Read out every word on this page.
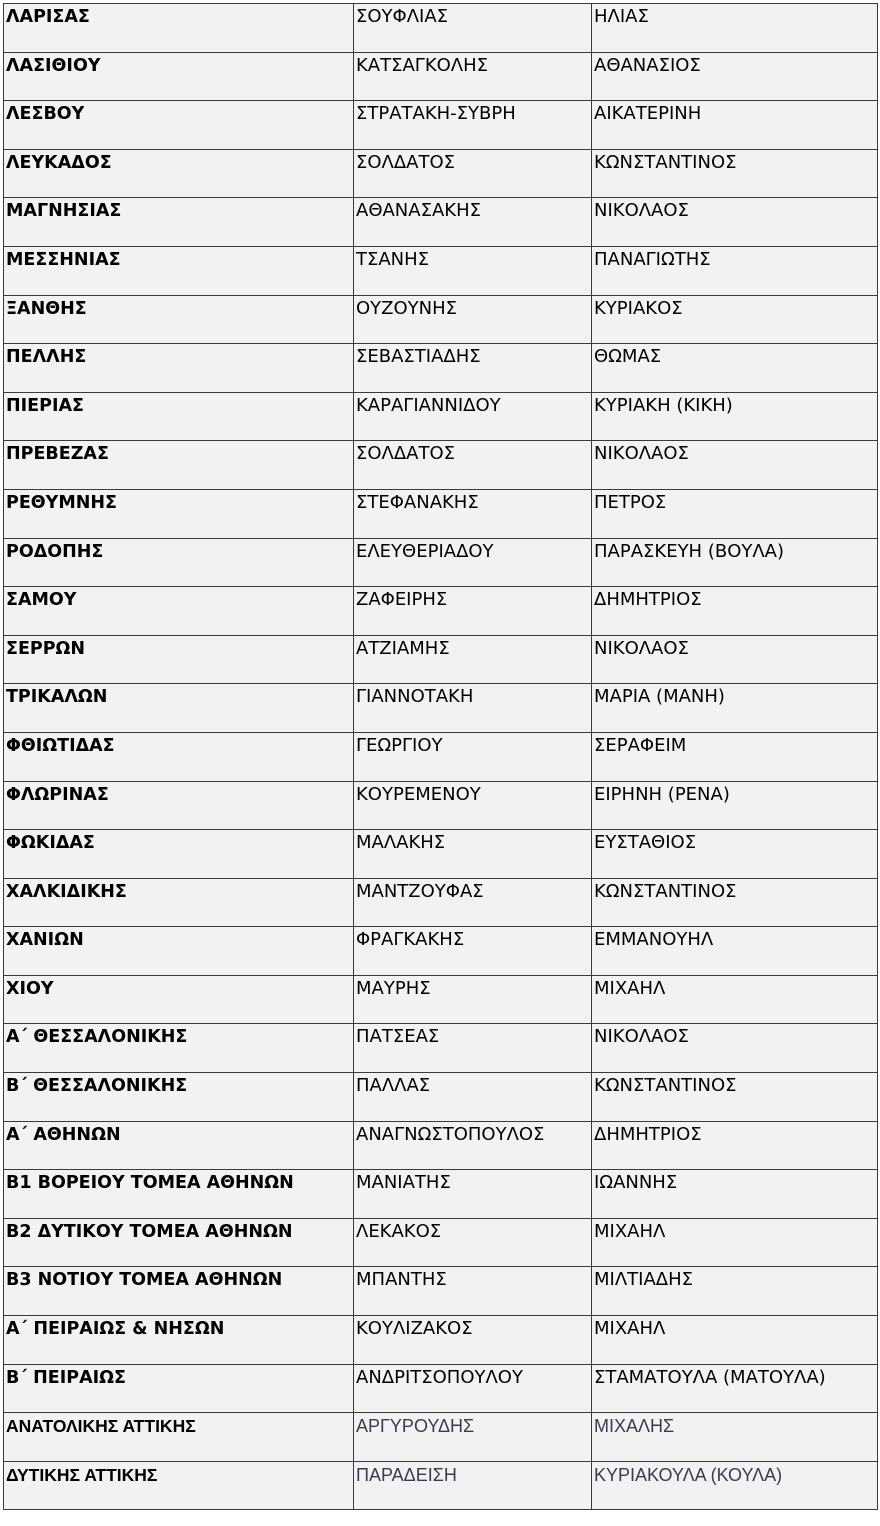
ΛΑΡΙΣΑΣ	ΣΟΥΦΛΙΑΣ	ΗΛΙΑΣ
ΛΑΣΙΘΙΟΥ	ΚΑΤΣΑΓΚΟΛΗΣ	ΑΘΑΝΑΣΙΟΣ
ΛΕΣΒΟΥ	ΣΤΡΑΤΑΚΗ-ΣΥΒΡΗ	ΑΙΚΑΤΕΡΙΝΗ
ΛΕΥΚΑΔΟΣ	ΣΟΛΔΑΤΟΣ	ΚΩΝΣΤΑΝΤΙΝΟΣ
ΜΑΓΝΗΣΙΑΣ	ΑΘΑΝΑΣΑΚΗΣ	ΝΙΚΟΛΑΟΣ
ΜΕΣΣΗΝΙΑΣ	ΤΣΑΝΗΣ	ΠΑΝΑΓΙΩΤΗΣ
ΞΑΝΘΗΣ	ΟΥΖΟΥΝΗΣ	ΚΥΡΙΑΚΟΣ
ΠΕΛΛΗΣ	ΣΕΒΑΣΤΙΑΔΗΣ	ΘΩΜΑΣ
ΠΙΕΡΙΑΣ	ΚΑΡΑΓΙΑΝΝΙΔΟΥ	ΚΥΡΙΑΚΗ (ΚΙΚΗ)
ΠΡΕΒΕΖΑΣ	ΣΟΛΔΑΤΟΣ	ΝΙΚΟΛΑΟΣ
ΡΕΘΥΜΝΗΣ	ΣΤΕΦΑΝΑΚΗΣ	ΠΕΤΡΟΣ
ΡΟΔΟΠΗΣ	ΕΛΕΥΘΕΡΙΑΔΟΥ	ΠΑΡΑΣΚΕΥΗ (ΒΟΥΛΑ)
ΣΑΜΟΥ	ΖΑΦΕΙΡΗΣ	ΔΗΜΗΤΡΙΟΣ
ΣΕΡΡΩΝ	ΑΤΖΙΑΜΗΣ	ΝΙΚΟΛΑΟΣ
ΤΡΙΚΑΛΩΝ	ΓΙΑΝΝΟΤΑΚΗ	ΜΑΡΙΑ (ΜΑΝΗ)
ΦΘΙΩΤΙΔΑΣ	ΓΕΩΡΓΙΟΥ	ΣΕΡΑΦΕΙΜ
ΦΛΩΡΙΝΑΣ	ΚΟΥΡΕΜΕΝΟΥ	ΕΙΡΗΝΗ (ΡΕΝΑ)
ΦΩΚΙΔΑΣ	ΜΑΛΑΚΗΣ	ΕΥΣΤΑΘΙΟΣ
ΧΑΛΚΙΔΙΚΗΣ	ΜΑΝΤΖΟΥΦΑΣ	ΚΩΝΣΤΑΝΤΙΝΟΣ
ΧΑΝΙΩΝ	ΦΡΑΓΚΑΚΗΣ	ΕΜΜΑΝΟΥΗΛ
ΧΙΟΥ	ΜΑΥΡΗΣ	ΜΙΧΑΗΛ
Α΄ ΘΕΣΣΑΛΟΝΙΚΗΣ	ΠΑΤΣΕΑΣ	ΝΙΚΟΛΑΟΣ
Β΄ ΘΕΣΣΑΛΟΝΙΚΗΣ	ΠΑΛΛΑΣ	ΚΩΝΣΤΑΝΤΙΝΟΣ
Α΄ ΑΘΗΝΩΝ	ΑΝΑΓΝΩΣΤΟΠΟΥΛΟΣ	ΔΗΜΗΤΡΙΟΣ
Β1 ΒΟΡΕΙΟΥ ΤΟΜΕΑ ΑΘΗΝΩΝ	ΜΑΝΙΑΤΗΣ	ΙΩΑΝΝΗΣ
Β2 ΔΥΤΙΚΟΥ ΤΟΜΕΑ ΑΘΗΝΩΝ	ΛΕΚΑΚΟΣ	ΜΙΧΑΗΛ
Β3 ΝΟΤΙΟΥ ΤΟΜΕΑ ΑΘΗΝΩΝ	ΜΠΑΝΤΗΣ	ΜΙΛΤΙΑΔΗΣ
Α΄ ΠΕΙΡΑΙΩΣ & ΝΗΣΩΝ	ΚΟΥΛΙΖΑΚΟΣ	ΜΙΧΑΗΛ
Β΄ ΠΕΙΡΑΙΩΣ	ΑΝΔΡΙΤΣΟΠΟΥΛΟΥ	ΣΤΑΜΑΤΟΥΛΑ (ΜΑΤΟΥΛΑ)
ΑΝΑΤΟΛΙΚΗΣ ΑΤΤΙΚΗΣ	ΑΡΓΥΡΟΥΔΗΣ	ΜΙΧΑΛΗΣ
ΔΥΤΙΚΗΣ ΑΤΤΙΚΗΣ	ΠΑΡΑΔΕΙΣΗ	ΚΥΡΙΑΚΟΥΛΑ (ΚΟΥΛΑ)
